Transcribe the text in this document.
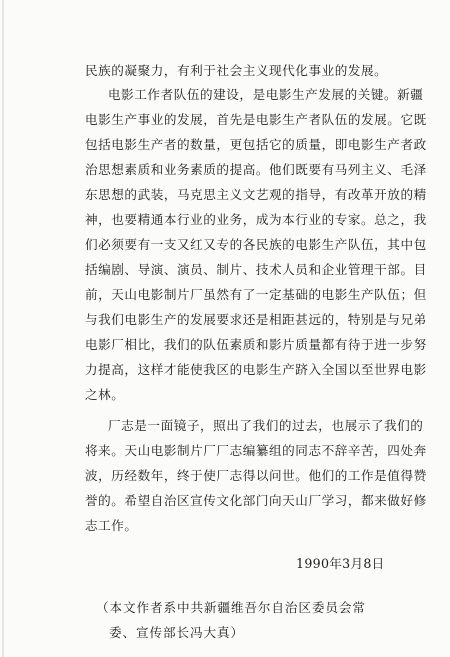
民族的凝聚力，有利于社会主义现代化事业的发展。
电影工作者队伍的建设，是电影生产发展的关键。新疆
电影生产事业的发展，首先是电影生产者队伍的发展。它既
包括电影生产者的数量，更包括它的质量，即电影生产者政
治思想素质和业务素质的提高。他们既要有马列主义、毛泽
东思想的武装，马克思主义文艺观的指导，有改革开放的精
神，也要精通本行业的业务，成为本行业的专家。总之，我
们必须要有一支又红又专的各民族的电影生产队伍，其中包
括编剧、导演、演员、制片、技术人员和企业管理干部。目
前，天山电影制片厂虽然有了一定基础的电影生产队伍；但
与我们电影生产的发展要求还是相距甚远的，特别是与兄弟
电影厂相比，我们的队伍素质和影片质量都有待于进一步努
力提高，这样才能使我区的电影生产跻入全国以至世界电影
之林。
厂志是一面镜子，照出了我们的过去，也展示了我们的
将来。天山电影制片厂厂志编纂组的同志不辞辛苦，四处奔
波，历经数年，终于使厂志得以问世。他们的工作是值得赞
誉的。希望自治区宣传文化部门向天山厂学习，都来做好修
志工作。
1990年3月8日
（本文作者系中共新疆维吾尔自治区委员会常
委、宣传部长冯大真）
